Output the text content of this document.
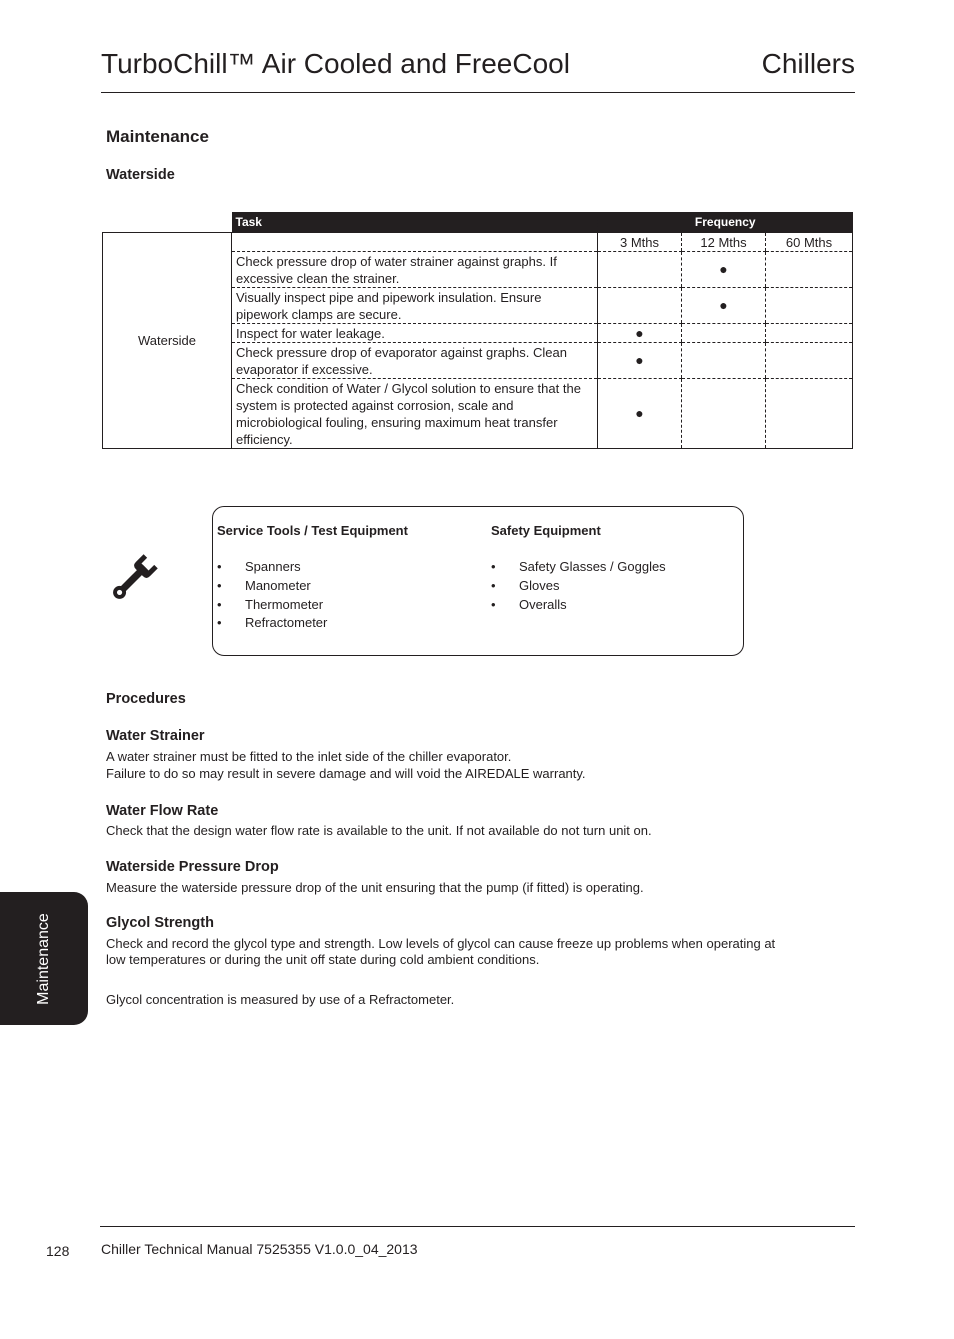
TurboChill™ Air Cooled and FreeCool	Chillers
Maintenance
Waterside
	Task	Frequency		
Waterside		3 Mths	12 Mths	60 Mths
	Check pressure drop of water strainer against graphs. If excessive clean the strainer.		●	
	Visually inspect pipe and pipework insulation. Ensure pipework clamps are secure.		●	
	Inspect for water leakage.	●		
	Check pressure drop of evaporator against graphs. Clean evaporator if excessive.	●		
	Check condition of Water / Glycol solution to ensure that the system is protected against corrosion, scale and microbiological fouling, ensuring maximum heat transfer efficiency.	●		
Service Tools / Test Equipment
• Spanners
• Manometer
• Thermometer
• Refractometer
Safety Equipment
• Safety Glasses / Goggles
• Gloves
• Overalls
Procedures
Water Strainer
A water strainer must be fitted to the inlet side of the chiller evaporator.
Failure to do so may result in severe damage and will void the AIREDALE warranty.
Water Flow Rate
Check that the design water flow rate is available to the unit. If not available do not turn unit on.
Waterside Pressure Drop
Measure the waterside pressure drop of the unit ensuring that the pump (if fitted) is operating.
Glycol Strength
Check and record the glycol type and strength. Low levels of glycol can cause freeze up problems when operating at
low temperatures or during the unit off state during cold ambient conditions.
Glycol concentration is measured by use of a Refractometer.
Maintenance
128 Chiller Technical Manual 7525355 V1.0.0_04_2013
